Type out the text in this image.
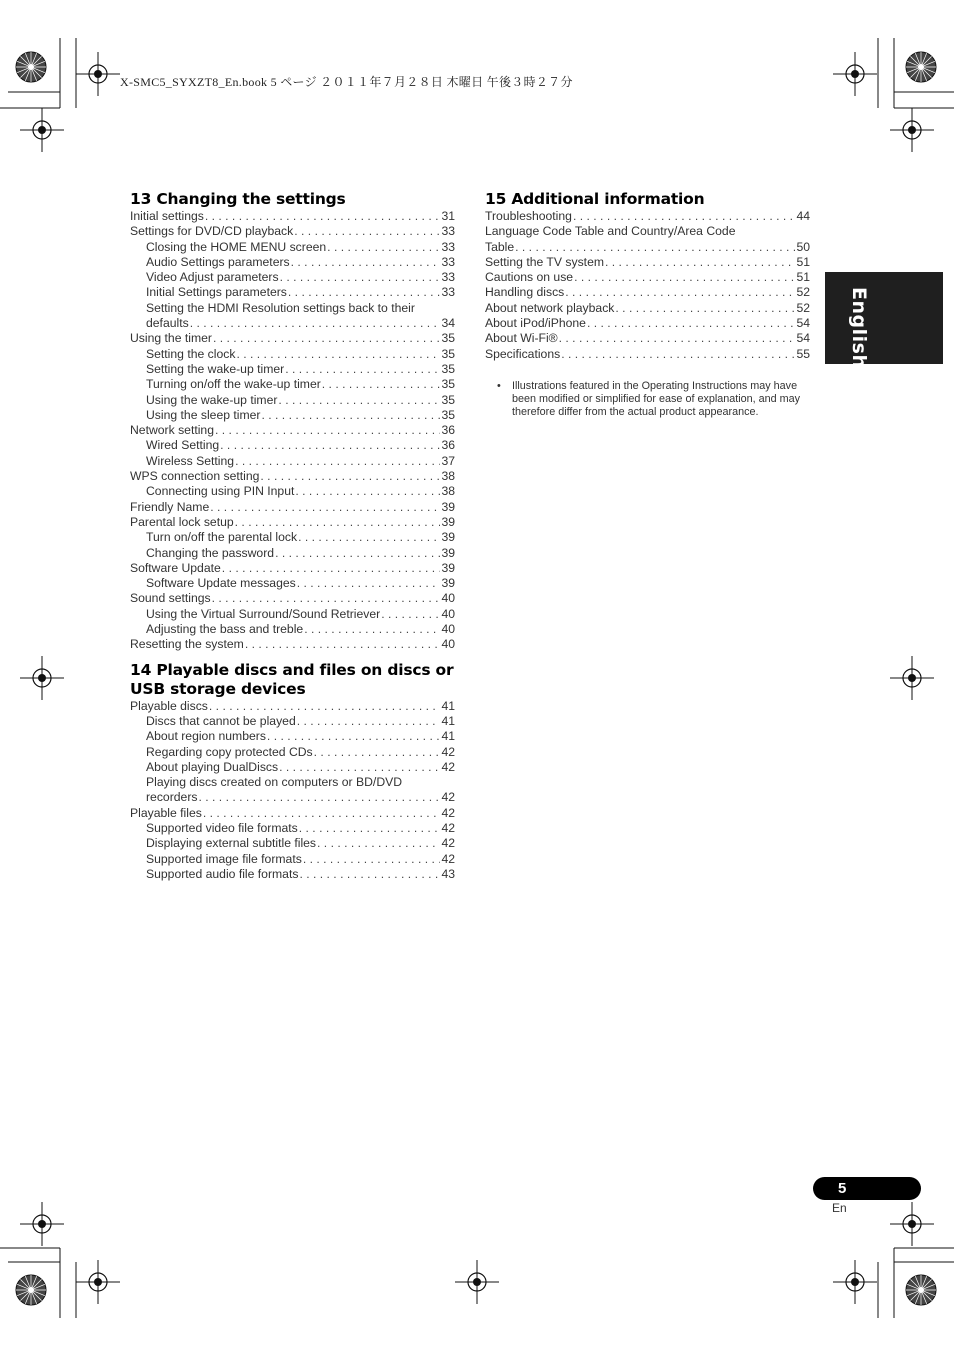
X-SMC5_SYXZT8_En.book 5 ページ ２０１１年７月２８日 木曜日 午後３時２７分
13 Changing the settings
Initial settings . . .	31
Settings for DVD/CD playback . . .	33
Closing the HOME MENU screen . . .	33
Audio Settings parameters . . .	33
Video Adjust parameters . . .	33
Initial Settings parameters . . .	33
Setting the HDMI Resolution settings back to their
defaults . . .	34
Using the timer . . .	35
Setting the clock . . .	35
Setting the wake-up timer . . .	35
Turning on/off the wake-up timer . . .	35
Using the wake-up timer . . .	35
Using the sleep timer . . .	35
Network setting . . .	36
Wired Setting . . .	36
Wireless Setting . . .	37
WPS connection setting . . .	38
Connecting using PIN Input . . .	38
Friendly Name . . .	39
Parental lock setup . . .	39
Turn on/off the parental lock . . .	39
Changing the password . . .	39
Software Update . . .	39
Software Update messages . . .	39
Sound settings . . .	40
Using the Virtual Surround/Sound Retriever . . .	40
Adjusting the bass and treble . . .	40
Resetting the system . . .	40
14 Playable discs and files on discs or USB storage devices
Playable discs . . .	41
Discs that cannot be played . . .	41
About region numbers . . .	41
Regarding copy protected CDs . . .	42
About playing DualDiscs . . .	42
Playing discs created on computers or BD/DVD
recorders . . .	42
Playable files . . .	42
Supported video file formats . . .	42
Displaying external subtitle files . . .	42
Supported image file formats . . .	42
Supported audio file formats . . .	43
15 Additional information
Troubleshooting . . .	44
Language Code Table and Country/Area Code
Table . . .	50
Setting the TV system . . .	51
Cautions on use . . .	51
Handling discs . . .	52
About network playback . . .	52
About iPod/iPhone . . .	54
About Wi-Fi® . . .	54
Specifications . . .	55
•	Illustrations featured in the Operating Instructions may have been modified or simplified for ease of explanation, and may therefore differ from the actual product appearance.
English
5
En
